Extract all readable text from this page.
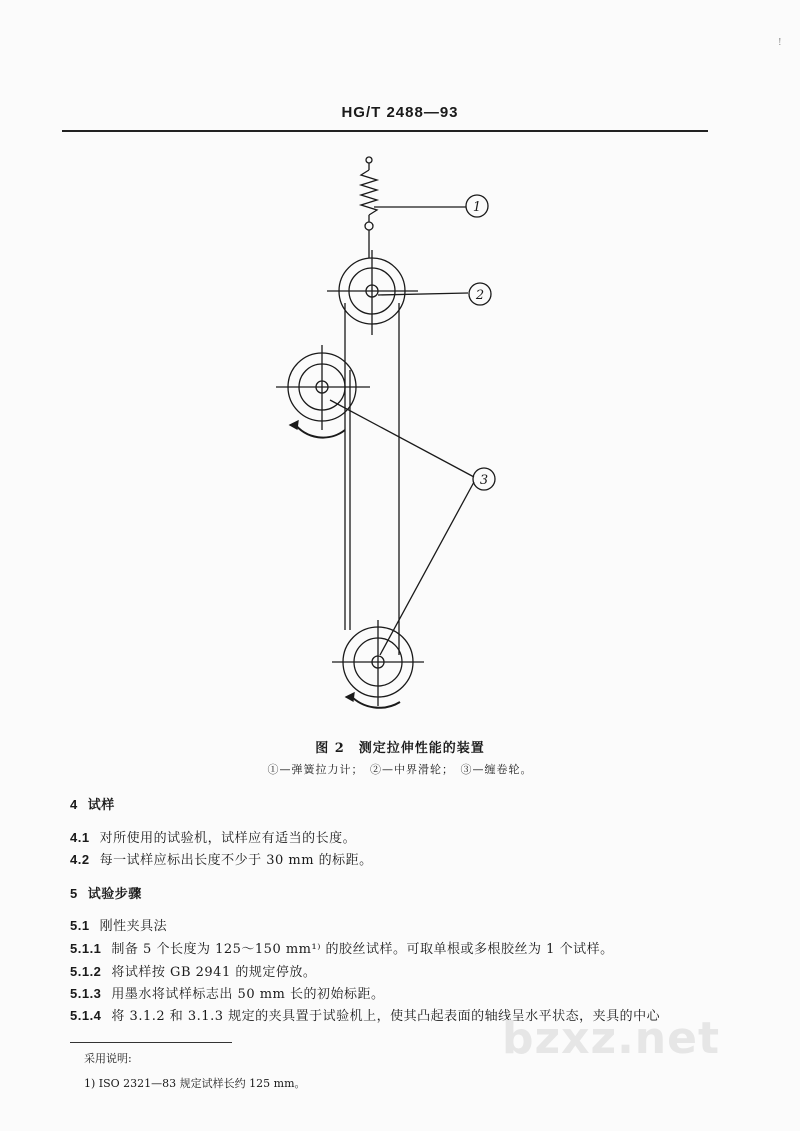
!
HG/T 2488—93
1
2
3
图 2　测定拉伸性能的装置
①—弹簧拉力计；　②—中界滑轮；　③—缠卷轮。
4 试样
4.1 对所使用的试验机，试样应有适当的长度。
4.2 每一试样应标出长度不少于 30 mm 的标距。
5 试验步骤
5.1 刚性夹具法
5.1.1 制备 5 个长度为 125～150 mm¹⁾ 的胶丝试样。可取单根或多根胶丝为 1 个试样。
5.1.2 将试样按 GB 2941 的规定停放。
5.1.3 用墨水将试样标志出 50 mm 长的初始标距。
5.1.4 将 3.1.2 和 3.1.3 规定的夹具置于试验机上，使其凸起表面的轴线呈水平状态，夹具的中心
bzxz.net
采用说明:
1) ISO 2321—83 规定试样长约 125 mm。
